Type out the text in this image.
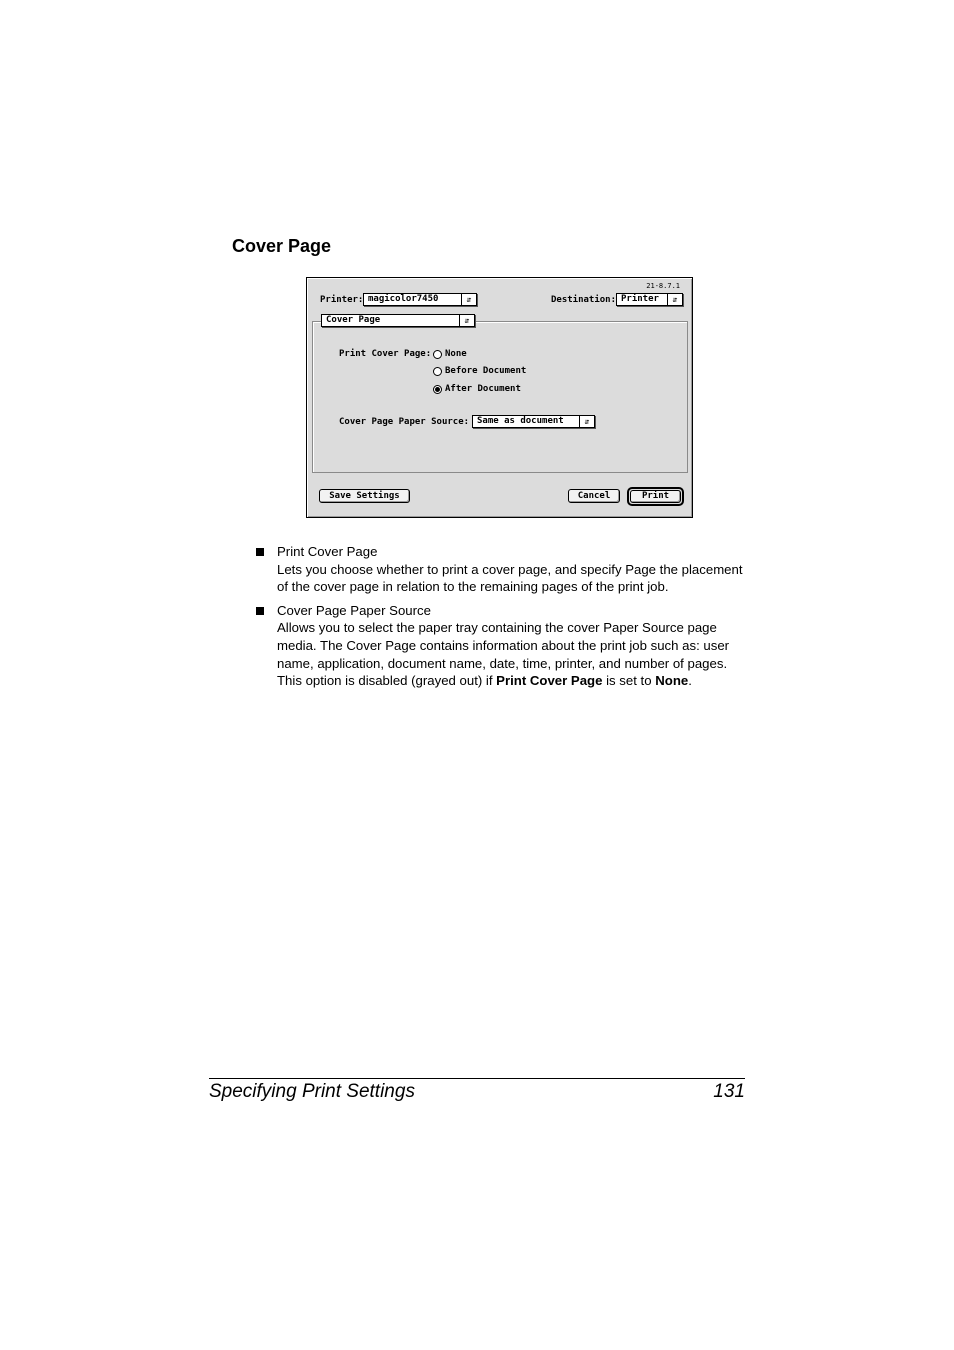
Cover Page
21-8.7.1
Printer: magicolor7450	⇵	Destination: Printer	⇵
Cover Page	⇵
Print Cover Page: None
Before Document
After Document
Cover Page Paper Source: Same as document	⇵
Save Settings	Cancel	Print
Print Cover Page
Lets you choose whether to print a cover page, and specify Page the placement of the cover page in relation to the remaining pages of the print job.
Cover Page Paper Source
Allows you to select the paper tray containing the cover Paper Source page media. The Cover Page contains information about the print job such as: user name, application, document name, date, time, printer, and number of pages. This option is disabled (grayed out) if Print Cover Page is set to None.
Specifying Print Settings	131
